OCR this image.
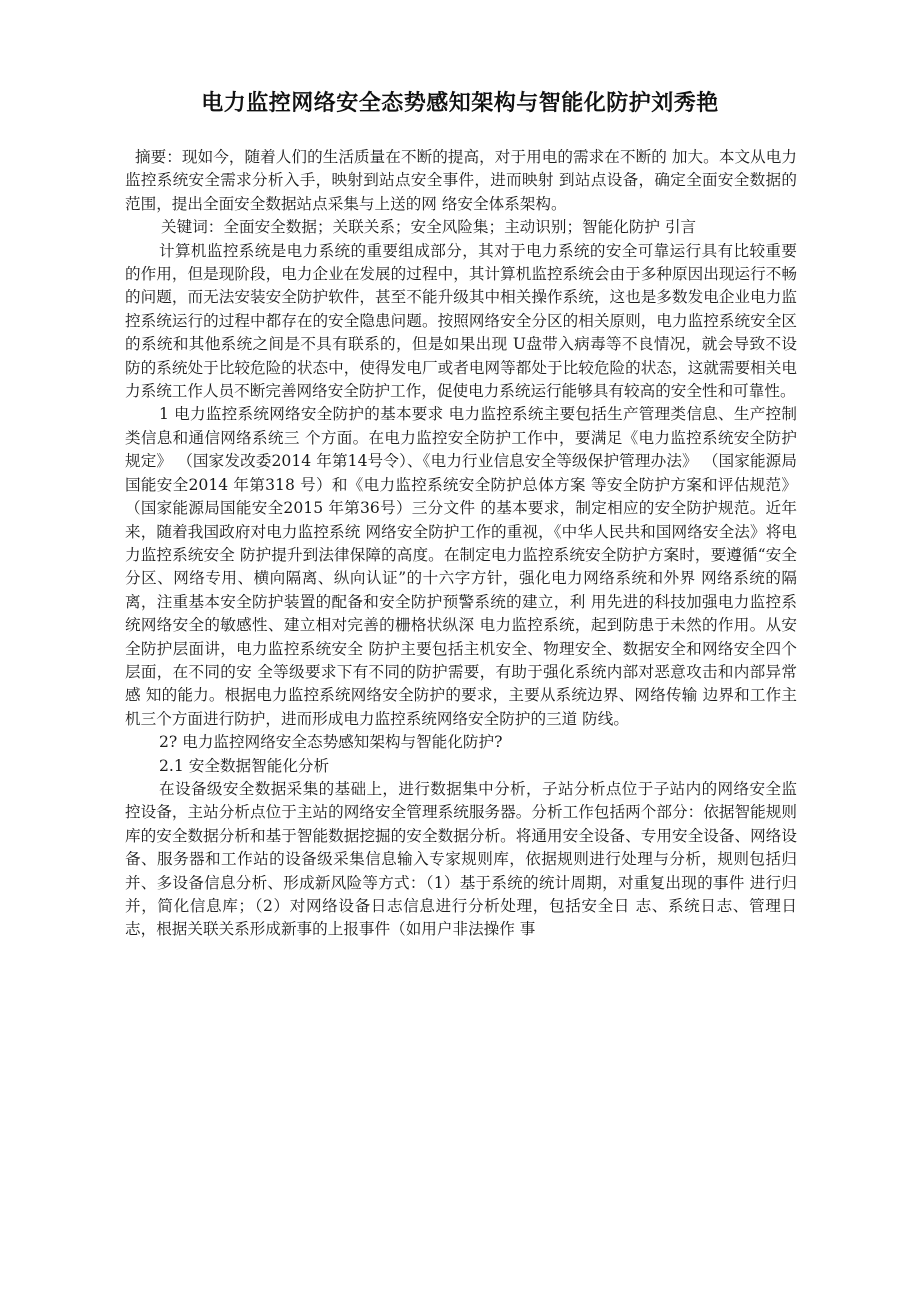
电力监控网络安全态势感知架构与智能化防护刘秀艳

摘要：现如今，随着人们的生活质量在不断的提高，对于用电的需求在不断的 加大。本文从电力监控系统安全需求分析入手，映射到站点安全事件，进而映射 到站点设备，确定全面安全数据的范围，提出全面安全数据站点采集与上送的网 络安全体系架构。

关键词：全面安全数据；关联关系；安全风险集；主动识别；智能化防护 引言

计算机监控系统是电力系统的重要组成部分，其对于电力系统的安全可靠运行具有比较重要的作用，但是现阶段，电力企业在发展的过程中，其计算机监控系统会由于多种原因出现运行不畅的问题，而无法安装安全防护软件，甚至不能升级其中相关操作系统，这也是多数发电企业电力监控系统运行的过程中都存在的安全隐患问题。按照网络安全分区的相关原则，电力监控系统安全区的系统和其他系统之间是不具有联系的，但是如果出现 U盘带入病毒等不良情况，就会导致不设防的系统处于比较危险的状态中，使得发电厂或者电网等都处于比较危险的状态，这就需要相关电力系统工作人员不断完善网络安全防护工作，促使电力系统运行能够具有较高的安全性和可靠性。

1 电力监控系统网络安全防护的基本要求 电力监控系统主要包括生产管理类信息、生产控制类信息和通信网络系统三 个方面。在电力监控安全防护工作中，要满足《电力监控系统安全防护规定》 （国家发改委2014 年第14号令）、《电力行业信息安全等级保护管理办法》 （国家能源局国能安全2014 年第318 号）和《电力监控系统安全防护总体方案 等安全防护方案和评估规范》（国家能源局国能安全2015 年第36号）三分文件 的基本要求，制定相应的安全防护规范。近年来，随着我国政府对电力监控系统 网络安全防护工作的重视，《中华人民共和国网络安全法》将电力监控系统安全 防护提升到法律保障的高度。在制定电力监控系统安全防护方案时，要遵循“安全 分区、网络专用、横向隔离、纵向认证”的十六字方针，强化电力网络系统和外界 网络系统的隔离，注重基本安全防护装置的配备和安全防护预警系统的建立，利 用先进的科技加强电力监控系统网络安全的敏感性、建立相对完善的栅格状纵深 电力监控系统，起到防患于未然的作用。从安全防护层面讲，电力监控系统安全 防护主要包括主机安全、物理安全、数据安全和网络安全四个层面，在不同的安 全等级要求下有不同的防护需要，有助于强化系统内部对恶意攻击和内部异常感 知的能力。根据电力监控系统网络安全防护的要求，主要从系统边界、网络传输 边界和工作主机三个方面进行防护，进而形成电力监控系统网络安全防护的三道 防线。

2? 电力监控网络安全态势感知架构与智能化防护?

2.1 安全数据智能化分析

在设备级安全数据采集的基础上，进行数据集中分析，子站分析点位于子站内的网络安全监控设备，主站分析点位于主站的网络安全管理系统服务器。分析工作包括两个部分：依据智能规则库的安全数据分析和基于智能数据挖掘的安全数据分析。将通用安全设备、专用安全设备、网络设备、服务器和工作站的设备级采集信息输入专家规则库，依据规则进行处理与分析，规则包括归并、多设备信息分析、形成新风险等方式：（1）基于系统的统计周期，对重复出现的事件 进行归并，简化信息库；（2）对网络设备日志信息进行分析处理，包括安全日 志、系统日志、管理日志，根据关联关系形成新事的上报事件（如用户非法操作 事
